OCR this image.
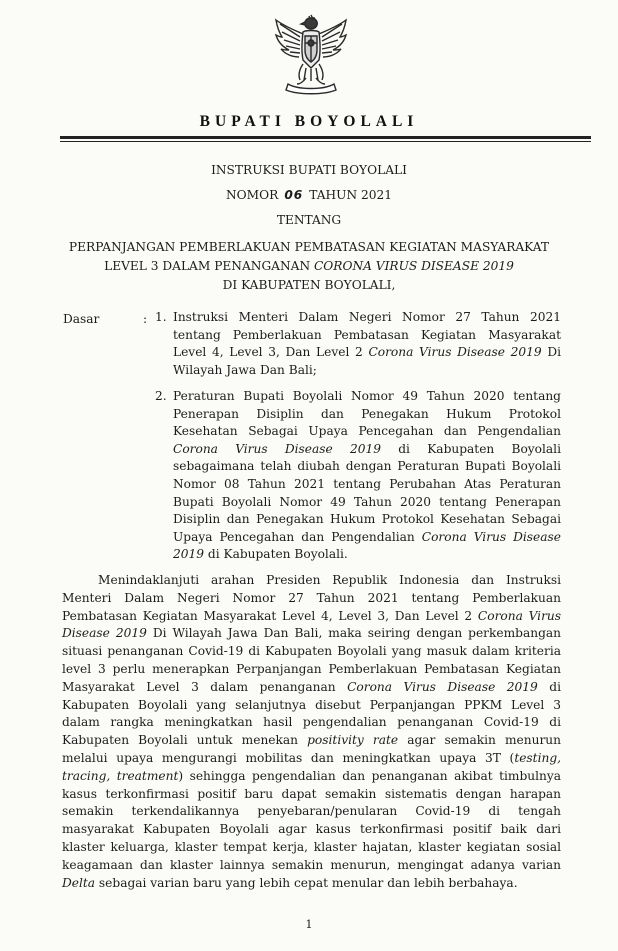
BUPATI BOYOLALI
INSTRUKSI BUPATI BOYOLALI
NOMOR 06 TAHUN 2021
TENTANG
PERPANJANGAN PEMBERLAKUAN PEMBATASAN KEGIATAN MASYARAKAT
LEVEL 3 DALAM PENANGANAN CORONA VIRUS DISEASE 2019
DI KABUPATEN BOYOLALI,
Dasar	: 1. Instruksi Menteri Dalam Negeri Nomor 27 Tahun 2021 tentang Pemberlakuan Pembatasan Kegiatan Masyarakat Level 4, Level 3, Dan Level 2 Corona Virus Disease 2019 Di Wilayah Jawa Dan Bali;
2. Peraturan Bupati Boyolali Nomor 49 Tahun 2020 tentang Penerapan Disiplin dan Penegakan Hukum Protokol Kesehatan Sebagai Upaya Pencegahan dan Pengendalian Corona Virus Disease 2019 di Kabupaten Boyolali sebagaimana telah diubah dengan Peraturan Bupati Boyolali Nomor 08 Tahun 2021 tentang Perubahan Atas Peraturan Bupati Boyolali Nomor 49 Tahun 2020 tentang Penerapan Disiplin dan Penegakan Hukum Protokol Kesehatan Sebagai Upaya Pencegahan dan Pengendalian Corona Virus Disease 2019 di Kabupaten Boyolali.
Menindaklanjuti arahan Presiden Republik Indonesia dan Instruksi Menteri Dalam Negeri Nomor 27 Tahun 2021 tentang Pemberlakuan Pembatasan Kegiatan Masyarakat Level 4, Level 3, Dan Level 2 Corona Virus Disease 2019 Di Wilayah Jawa Dan Bali, maka seiring dengan perkembangan situasi penanganan Covid-19 di Kabupaten Boyolali yang masuk dalam kriteria level 3 perlu menerapkan Perpanjangan Pemberlakuan Pembatasan Kegiatan Masyarakat Level 3 dalam penanganan Corona Virus Disease 2019 di Kabupaten Boyolali yang selanjutnya disebut Perpanjangan PPKM Level 3 dalam rangka meningkatkan hasil pengendalian penanganan Covid-19 di Kabupaten Boyolali untuk menekan positivity rate agar semakin menurun melalui upaya mengurangi mobilitas dan meningkatkan upaya 3T (testing, tracing, treatment) sehingga pengendalian dan penanganan akibat timbulnya kasus terkonfirmasi positif baru dapat semakin sistematis dengan harapan semakin terkendalikannya penyebaran/penularan Covid-19 di tengah masyarakat Kabupaten Boyolali agar kasus terkonfirmasi positif baik dari klaster keluarga, klaster tempat kerja, klaster hajatan, klaster kegiatan sosial keagamaan dan klaster lainnya semakin menurun, mengingat adanya varian Delta sebagai varian baru yang lebih cepat menular dan lebih berbahaya.
1
